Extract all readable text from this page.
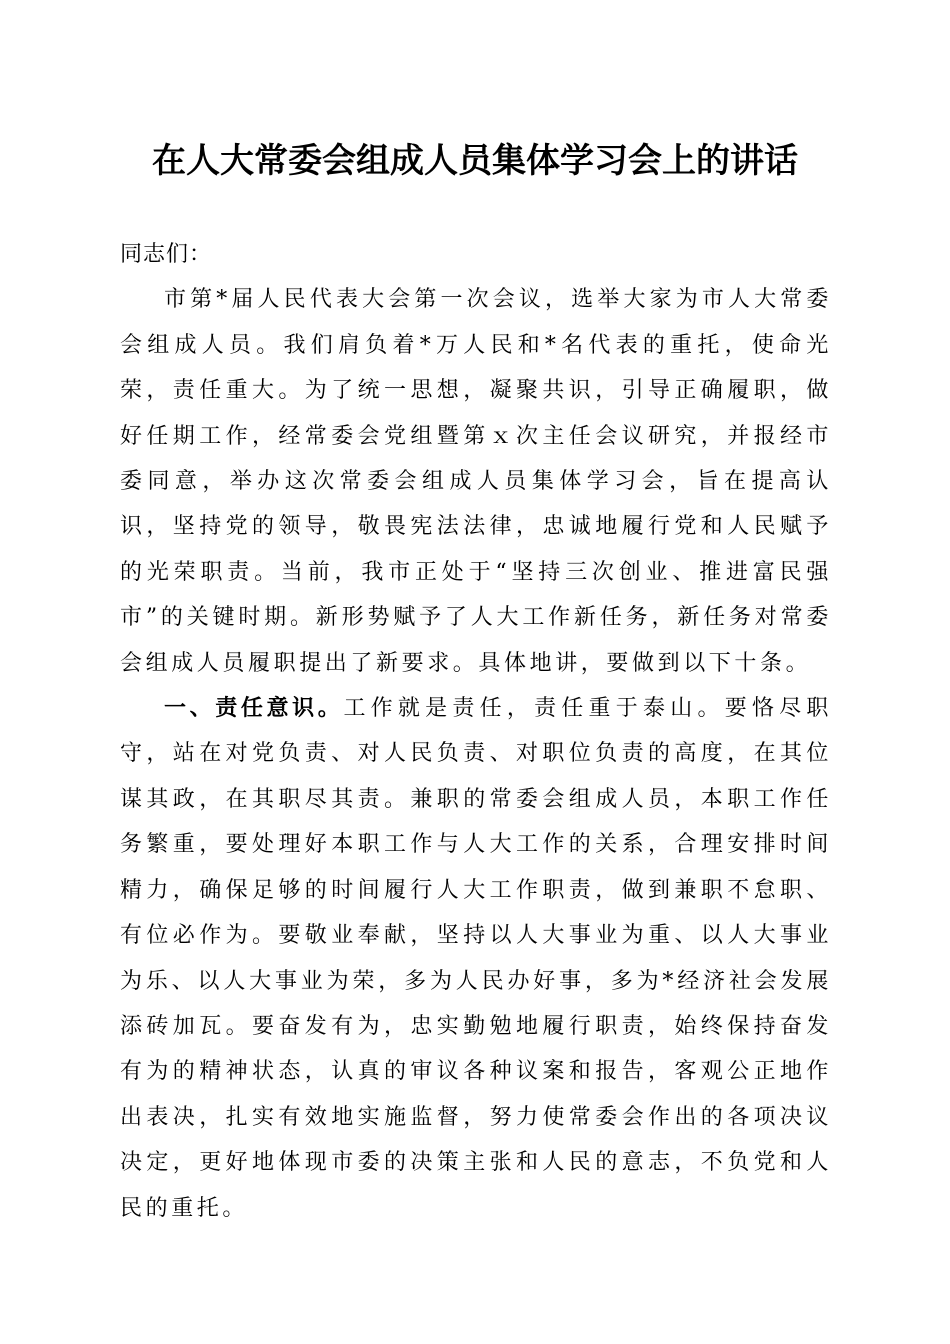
在人大常委会组成人员集体学习会上的讲话

同志们：

市第*届人民代表大会第一次会议，选举大家为市人大常委会组成人员。我们肩负着*万人民和*名代表的重托，使命光荣，责任重大。为了统一思想，凝聚共识，引导正确履职，做好任期工作，经常委会党组暨第ｘ次主任会议研究，并报经市委同意，举办这次常委会组成人员集体学习会，旨在提高认识，坚持党的领导，敬畏宪法法律，忠诚地履行党和人民赋予的光荣职责。当前，我市正处于“坚持三次创业、推进富民强市”的关键时期。新形势赋予了人大工作新任务，新任务对常委会组成人员履职提出了新要求。具体地讲，要做到以下十条。

一、责任意识。工作就是责任，责任重于泰山。要恪尽职守，站在对党负责、对人民负责、对职位负责的高度，在其位谋其政，在其职尽其责。兼职的常委会组成人员，本职工作任务繁重，要处理好本职工作与人大工作的关系，合理安排时间精力，确保足够的时间履行人大工作职责，做到兼职不怠职、有位必作为。要敬业奉献，坚持以人大事业为重、以人大事业为乐、以人大事业为荣，多为人民办好事，多为*经济社会发展添砖加瓦。要奋发有为，忠实勤勉地履行职责，始终保持奋发有为的精神状态，认真的审议各种议案和报告，客观公正地作出表决，扎实有效地实施监督，努力使常委会作出的各项决议决定，更好地体现市委的决策主张和人民的意志，不负党和人民的重托。
